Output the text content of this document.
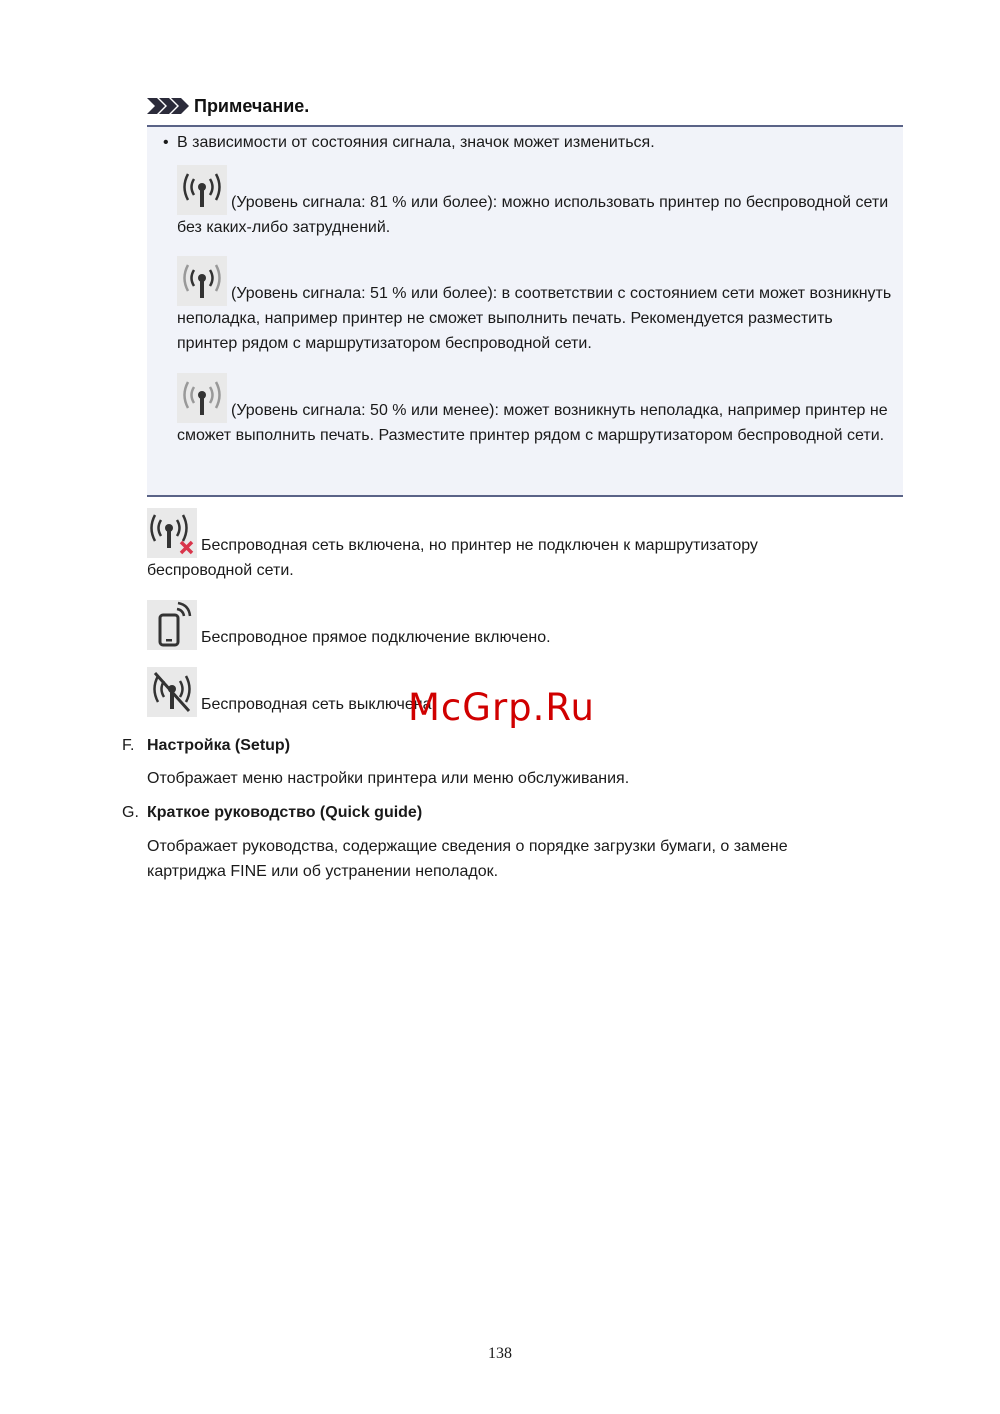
Примечание.
• В зависимости от состояния сигнала, значок может измениться.
(Уровень сигнала: 81 % или более): можно использовать принтер по беспроводной сети без каких-либо затруднений.
(Уровень сигнала: 51 % или более): в соответствии с состоянием сети может возникнуть неполадка, например принтер не сможет выполнить печать. Рекомендуется разместить принтер рядом с маршрутизатором беспроводной сети.
(Уровень сигнала: 50 % или менее): может возникнуть неполадка, например принтер не сможет выполнить печать. Разместите принтер рядом с маршрутизатором беспроводной сети.
Беспроводная сеть включена, но принтер не подключен к маршрутизатору беспроводной сети.
Беспроводное прямое подключение включено.
Беспроводная сеть выключена.
McGrp.Ru
F. Настройка (Setup)
Отображает меню настройки принтера или меню обслуживания.
G. Краткое руководство (Quick guide)
Отображает руководства, содержащие сведения о порядке загрузки бумаги, о замене картриджа FINE или об устранении неполадок.
138
